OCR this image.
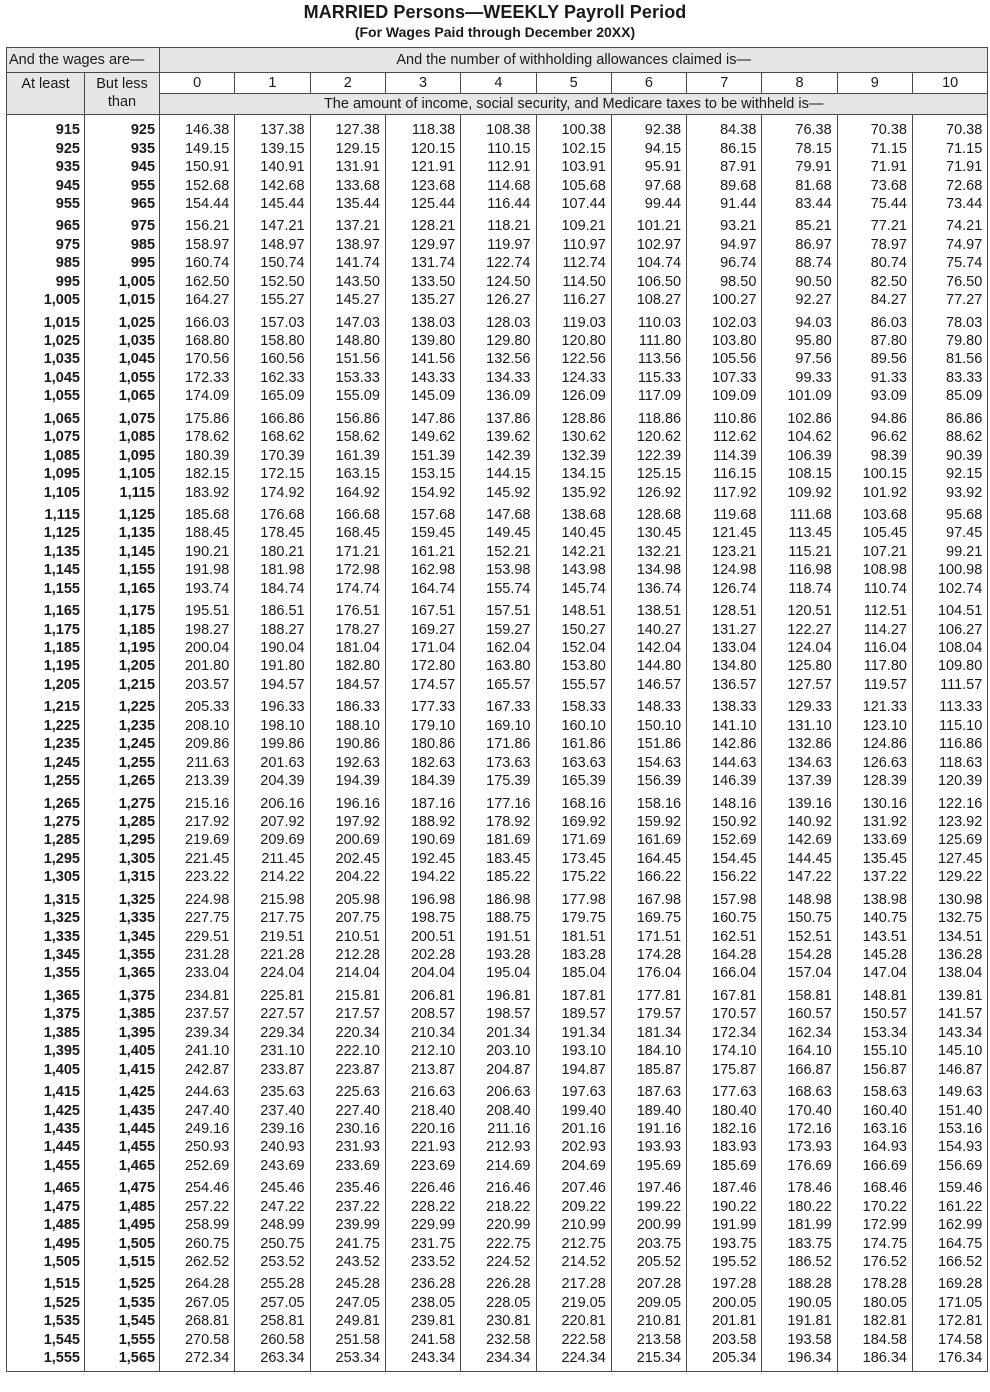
MARRIED Persons—WEEKLY Payroll Period
(For Wages Paid through December 20XX)
And the wages are—		And the number of withholding allowances claimed is—										
At least	But less than	0	1	2	3	4	5	6	7	8	9	10
		The amount of income, social security, and Medicare taxes to be withheld is—										

915	925	146.38	137.38	127.38	118.38	108.38	100.38	92.38	84.38	76.38	70.38	70.38
925	935	149.15	139.15	129.15	120.15	110.15	102.15	94.15	86.15	78.15	71.15	71.15
935	945	150.91	140.91	131.91	121.91	112.91	103.91	95.91	87.91	79.91	71.91	71.91
945	955	152.68	142.68	133.68	123.68	114.68	105.68	97.68	89.68	81.68	73.68	72.68
955	965	154.44	145.44	135.44	125.44	116.44	107.44	99.44	91.44	83.44	75.44	73.44
965	975	156.21	147.21	137.21	128.21	118.21	109.21	101.21	93.21	85.21	77.21	74.21
975	985	158.97	148.97	138.97	129.97	119.97	110.97	102.97	94.97	86.97	78.97	74.97
985	995	160.74	150.74	141.74	131.74	122.74	112.74	104.74	96.74	88.74	80.74	75.74
995	1,005	162.50	152.50	143.50	133.50	124.50	114.50	106.50	98.50	90.50	82.50	76.50
1,005	1,015	164.27	155.27	145.27	135.27	126.27	116.27	108.27	100.27	92.27	84.27	77.27
1,015	1,025	166.03	157.03	147.03	138.03	128.03	119.03	110.03	102.03	94.03	86.03	78.03
1,025	1,035	168.80	158.80	148.80	139.80	129.80	120.80	111.80	103.80	95.80	87.80	79.80
1,035	1,045	170.56	160.56	151.56	141.56	132.56	122.56	113.56	105.56	97.56	89.56	81.56
1,045	1,055	172.33	162.33	153.33	143.33	134.33	124.33	115.33	107.33	99.33	91.33	83.33
1,055	1,065	174.09	165.09	155.09	145.09	136.09	126.09	117.09	109.09	101.09	93.09	85.09
1,065	1,075	175.86	166.86	156.86	147.86	137.86	128.86	118.86	110.86	102.86	94.86	86.86
1,075	1,085	178.62	168.62	158.62	149.62	139.62	130.62	120.62	112.62	104.62	96.62	88.62
1,085	1,095	180.39	170.39	161.39	151.39	142.39	132.39	122.39	114.39	106.39	98.39	90.39
1,095	1,105	182.15	172.15	163.15	153.15	144.15	134.15	125.15	116.15	108.15	100.15	92.15
1,105	1,115	183.92	174.92	164.92	154.92	145.92	135.92	126.92	117.92	109.92	101.92	93.92
1,115	1,125	185.68	176.68	166.68	157.68	147.68	138.68	128.68	119.68	111.68	103.68	95.68
1,125	1,135	188.45	178.45	168.45	159.45	149.45	140.45	130.45	121.45	113.45	105.45	97.45
1,135	1,145	190.21	180.21	171.21	161.21	152.21	142.21	132.21	123.21	115.21	107.21	99.21
1,145	1,155	191.98	181.98	172.98	162.98	153.98	143.98	134.98	124.98	116.98	108.98	100.98
1,155	1,165	193.74	184.74	174.74	164.74	155.74	145.74	136.74	126.74	118.74	110.74	102.74
1,165	1,175	195.51	186.51	176.51	167.51	157.51	148.51	138.51	128.51	120.51	112.51	104.51
1,175	1,185	198.27	188.27	178.27	169.27	159.27	150.27	140.27	131.27	122.27	114.27	106.27
1,185	1,195	200.04	190.04	181.04	171.04	162.04	152.04	142.04	133.04	124.04	116.04	108.04
1,195	1,205	201.80	191.80	182.80	172.80	163.80	153.80	144.80	134.80	125.80	117.80	109.80
1,205	1,215	203.57	194.57	184.57	174.57	165.57	155.57	146.57	136.57	127.57	119.57	111.57
1,215	1,225	205.33	196.33	186.33	177.33	167.33	158.33	148.33	138.33	129.33	121.33	113.33
1,225	1,235	208.10	198.10	188.10	179.10	169.10	160.10	150.10	141.10	131.10	123.10	115.10
1,235	1,245	209.86	199.86	190.86	180.86	171.86	161.86	151.86	142.86	132.86	124.86	116.86
1,245	1,255	211.63	201.63	192.63	182.63	173.63	163.63	154.63	144.63	134.63	126.63	118.63
1,255	1,265	213.39	204.39	194.39	184.39	175.39	165.39	156.39	146.39	137.39	128.39	120.39
1,265	1,275	215.16	206.16	196.16	187.16	177.16	168.16	158.16	148.16	139.16	130.16	122.16
1,275	1,285	217.92	207.92	197.92	188.92	178.92	169.92	159.92	150.92	140.92	131.92	123.92
1,285	1,295	219.69	209.69	200.69	190.69	181.69	171.69	161.69	152.69	142.69	133.69	125.69
1,295	1,305	221.45	211.45	202.45	192.45	183.45	173.45	164.45	154.45	144.45	135.45	127.45
1,305	1,315	223.22	214.22	204.22	194.22	185.22	175.22	166.22	156.22	147.22	137.22	129.22
1,315	1,325	224.98	215.98	205.98	196.98	186.98	177.98	167.98	157.98	148.98	138.98	130.98
1,325	1,335	227.75	217.75	207.75	198.75	188.75	179.75	169.75	160.75	150.75	140.75	132.75
1,335	1,345	229.51	219.51	210.51	200.51	191.51	181.51	171.51	162.51	152.51	143.51	134.51
1,345	1,355	231.28	221.28	212.28	202.28	193.28	183.28	174.28	164.28	154.28	145.28	136.28
1,355	1,365	233.04	224.04	214.04	204.04	195.04	185.04	176.04	166.04	157.04	147.04	138.04
1,365	1,375	234.81	225.81	215.81	206.81	196.81	187.81	177.81	167.81	158.81	148.81	139.81
1,375	1,385	237.57	227.57	217.57	208.57	198.57	189.57	179.57	170.57	160.57	150.57	141.57
1,385	1,395	239.34	229.34	220.34	210.34	201.34	191.34	181.34	172.34	162.34	153.34	143.34
1,395	1,405	241.10	231.10	222.10	212.10	203.10	193.10	184.10	174.10	164.10	155.10	145.10
1,405	1,415	242.87	233.87	223.87	213.87	204.87	194.87	185.87	175.87	166.87	156.87	146.87
1,415	1,425	244.63	235.63	225.63	216.63	206.63	197.63	187.63	177.63	168.63	158.63	149.63
1,425	1,435	247.40	237.40	227.40	218.40	208.40	199.40	189.40	180.40	170.40	160.40	151.40
1,435	1,445	249.16	239.16	230.16	220.16	211.16	201.16	191.16	182.16	172.16	163.16	153.16
1,445	1,455	250.93	240.93	231.93	221.93	212.93	202.93	193.93	183.93	173.93	164.93	154.93
1,455	1,465	252.69	243.69	233.69	223.69	214.69	204.69	195.69	185.69	176.69	166.69	156.69
1,465	1,475	254.46	245.46	235.46	226.46	216.46	207.46	197.46	187.46	178.46	168.46	159.46
1,475	1,485	257.22	247.22	237.22	228.22	218.22	209.22	199.22	190.22	180.22	170.22	161.22
1,485	1,495	258.99	248.99	239.99	229.99	220.99	210.99	200.99	191.99	181.99	172.99	162.99
1,495	1,505	260.75	250.75	241.75	231.75	222.75	212.75	203.75	193.75	183.75	174.75	164.75
1,505	1,515	262.52	253.52	243.52	233.52	224.52	214.52	205.52	195.52	186.52	176.52	166.52
1,515	1,525	264.28	255.28	245.28	236.28	226.28	217.28	207.28	197.28	188.28	178.28	169.28
1,525	1,535	267.05	257.05	247.05	238.05	228.05	219.05	209.05	200.05	190.05	180.05	171.05
1,535	1,545	268.81	258.81	249.81	239.81	230.81	220.81	210.81	201.81	191.81	182.81	172.81
1,545	1,555	270.58	260.58	251.58	241.58	232.58	222.58	213.58	203.58	193.58	184.58	174.58
1,555	1,565	272.34	263.34	253.34	243.34	234.34	224.34	215.34	205.34	196.34	186.34	176.34
